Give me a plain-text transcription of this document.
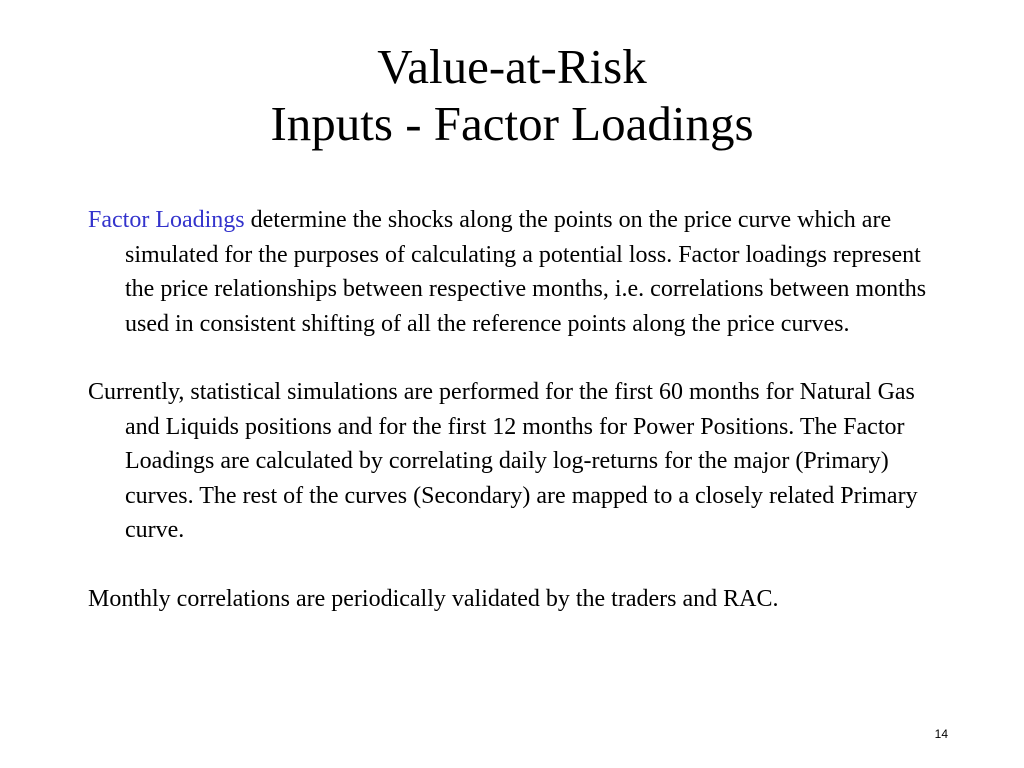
Value-at-Risk
Inputs - Factor Loadings

Factor Loadings determine the shocks along the points on the price curve which are simulated for the purposes of calculating a potential loss. Factor loadings represent the price relationships between respective months, i.e. correlations between months used in consistent shifting of all the reference points along the price curves.

Currently, statistical simulations are performed for the first 60 months for Natural Gas and Liquids positions and for the first 12 months for Power Positions. The Factor Loadings are calculated by correlating daily log-returns for the major (Primary) curves. The rest of the curves (Secondary) are mapped to a closely related Primary curve.

Monthly correlations are periodically validated by the traders and RAC.

14
